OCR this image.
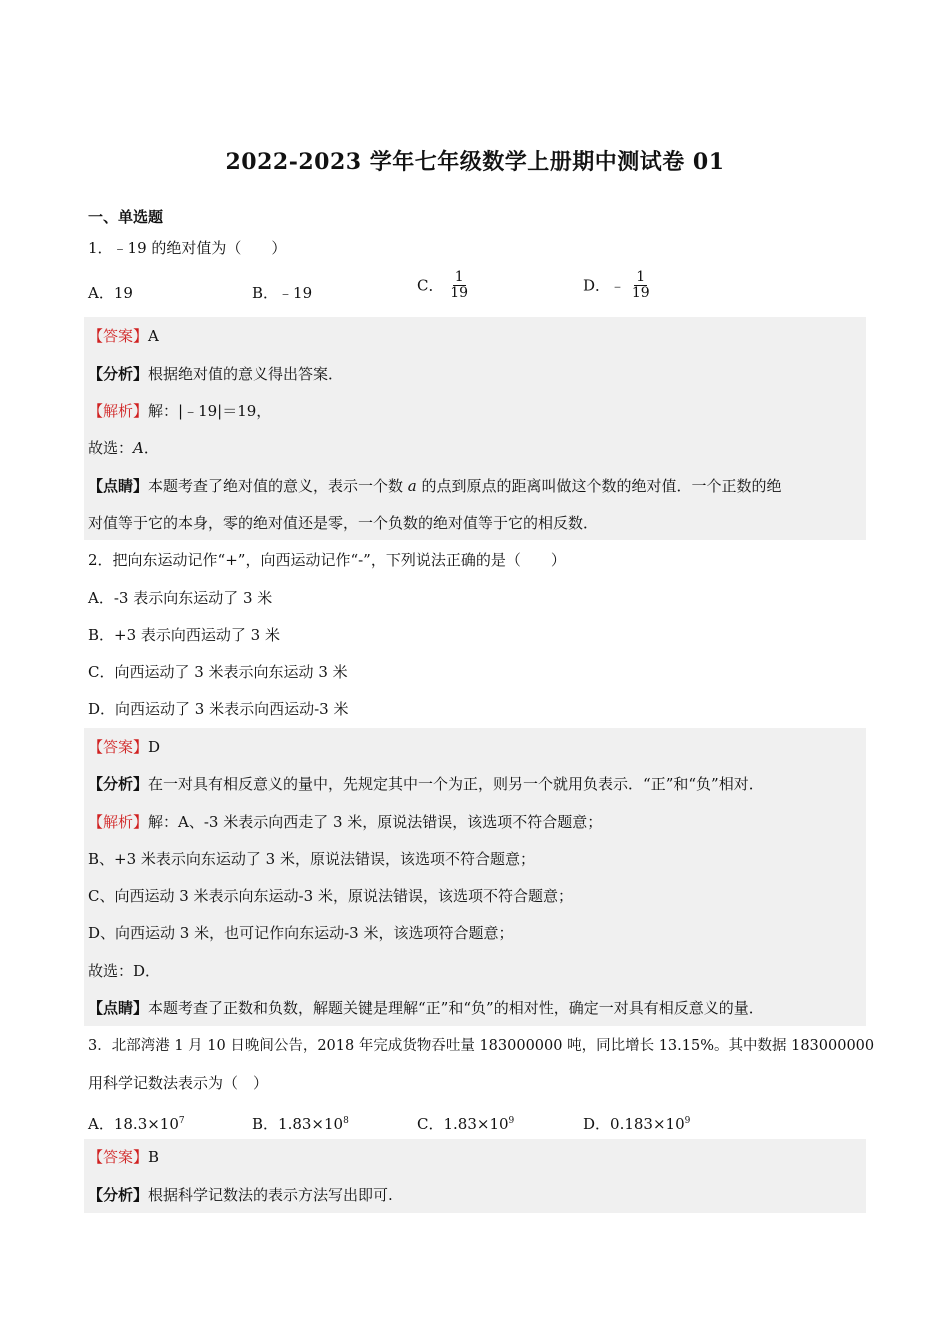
2022-2023 学年七年级数学上册期中测试卷 01
一、单选题
1．﹣19 的绝对值为（　　）
A．19	B．﹣19	C． $\frac{1}{19}$	D．﹣ $\frac{1}{19}$
【答案】A
【分析】根据绝对值的意义得出答案．
【解析】解：|﹣19|＝19，
故选：A．
【点睛】本题考查了绝对值的意义，表示一个数 a 的点到原点的距离叫做这个数的绝对值．一个正数的绝
对值等于它的本身，零的绝对值还是零，一个负数的绝对值等于它的相反数．
2．把向东运动记作“+”，向西运动记作“-”，下列说法正确的是（　　）
A．-3 表示向东运动了 3 米
B．+3 表示向西运动了 3 米
C．向西运动了 3 米表示向东运动 3 米
D．向西运动了 3 米表示向西运动-3 米
【答案】D
【分析】在一对具有相反意义的量中，先规定其中一个为正，则另一个就用负表示．“正”和“负”相对．
【解析】解：A、-3 米表示向西走了 3 米，原说法错误，该选项不符合题意；
B、+3 米表示向东运动了 3 米，原说法错误，该选项不符合题意；
C、向西运动 3 米表示向东运动-3 米，原说法错误，该选项不符合题意；
D、向西运动 3 米，也可记作向东运动-3 米，该选项符合题意；
故选：D．
【点睛】本题考查了正数和负数，解题关键是理解“正”和“负”的相对性，确定一对具有相反意义的量．
3．北部湾港 1 月 10 日晚间公告，2018 年完成货物吞吐量 183000000 吨，同比增长 13.15%。其中数据 183000000
用科学记数法表示为（　）
A．$18.3\times 10^7$	B．$1.83\times 10^8$	C．$1.83\times 10^9$	D．$0.183\times 10^9$
【答案】B
【分析】根据科学记数法的表示方法写出即可.
